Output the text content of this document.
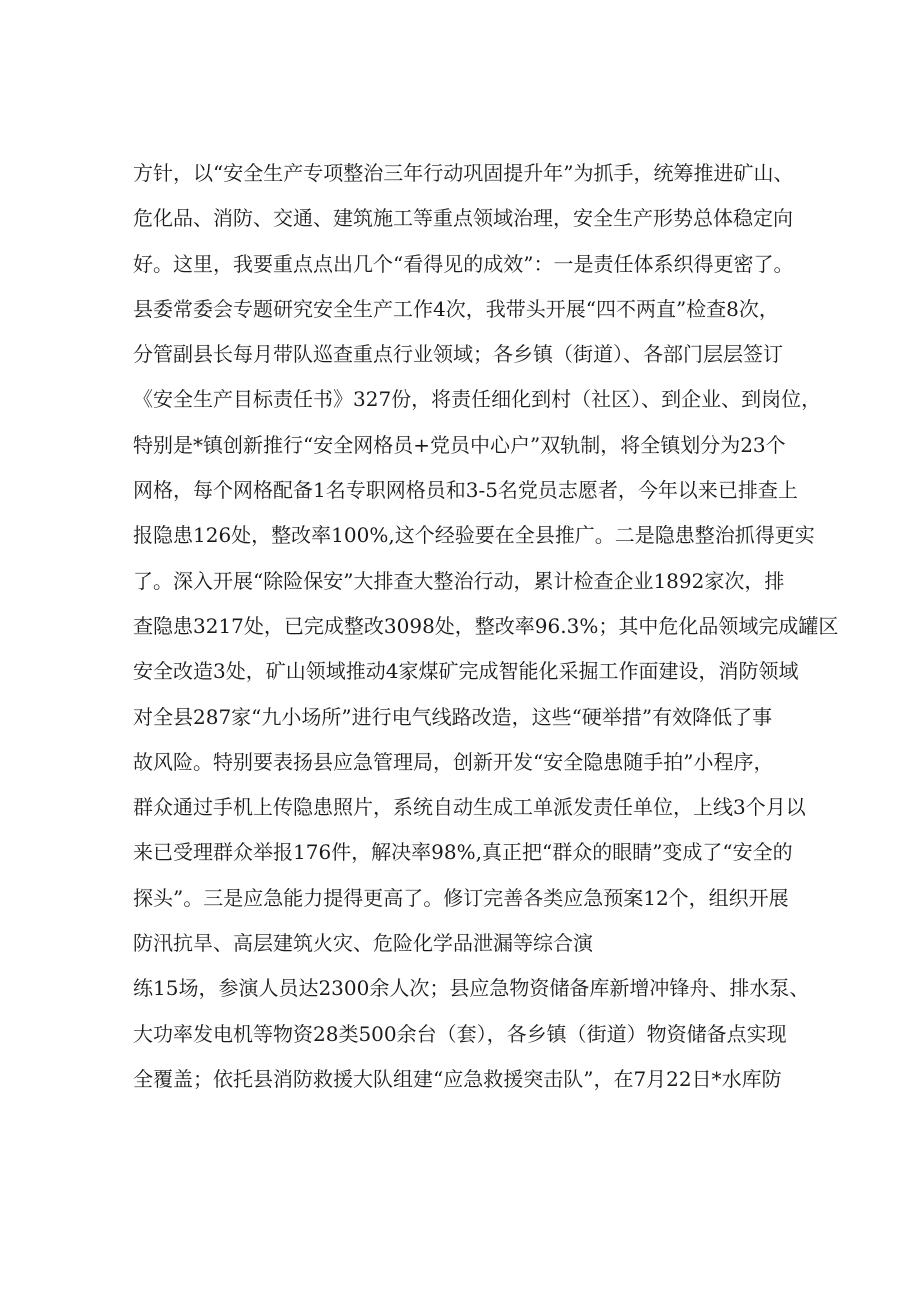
方针，以“安全生产专项整治三年行动巩固提升年”为抓手，统筹推进矿山、
危化品、消防、交通、建筑施工等重点领域治理，安全生产形势总体稳定向
好。这里，我要重点点出几个“看得见的成效”：一是责任体系织得更密了。
县委常委会专题研究安全生产工作4次，我带头开展“四不两直”检查8次，
分管副县长每月带队巡查重点行业领域；各乡镇（街道）、各部门层层签订
《安全生产目标责任书》327份，将责任细化到村（社区）、到企业、到岗位，
特别是*镇创新推行“安全网格员+党员中心户”双轨制，将全镇划分为23个
网格，每个网格配备1名专职网格员和3-5名党员志愿者，今年以来已排查上
报隐患126处，整改率100%,这个经验要在全县推广。二是隐患整治抓得更实
了。深入开展“除险保安”大排查大整治行动，累计检查企业1892家次，排
查隐患3217处，已完成整改3098处，整改率96.3%；其中危化品领域完成罐区
安全改造3处，矿山领域推动4家煤矿完成智能化采掘工作面建设，消防领域
对全县287家“九小场所”进行电气线路改造，这些“硬举措”有效降低了事
故风险。特别要表扬县应急管理局，创新开发“安全隐患随手拍”小程序，
群众通过手机上传隐患照片，系统自动生成工单派发责任单位，上线3个月以
来已受理群众举报176件，解决率98%,真正把“群众的眼睛”变成了“安全的
探头”。三是应急能力提得更高了。修订完善各类应急预案12个，组织开展
防汛抗旱、高层建筑火灾、危险化学品泄漏等综合演
练15场，参演人员达2300余人次；县应急物资储备库新增冲锋舟、排水泵、
大功率发电机等物资28类500余台（套），各乡镇（街道）物资储备点实现
全覆盖；依托县消防救援大队组建“应急救援突击队”，在7月22日*水库防
